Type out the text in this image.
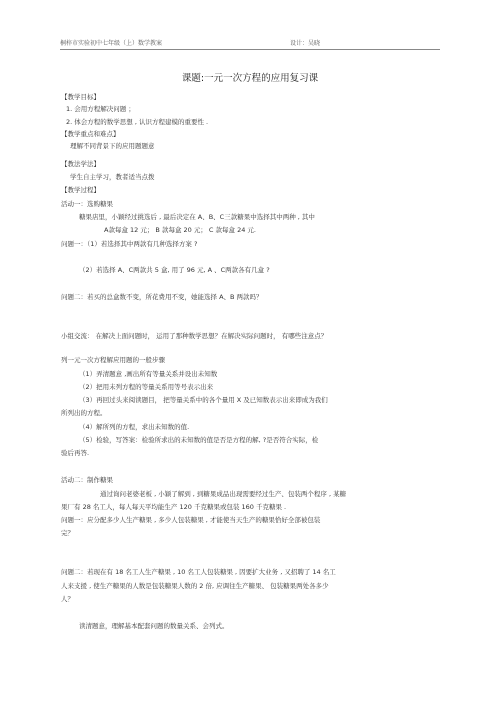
桐梓市实验初中七年级（上）数学教案	设计：吴晓
课题:一元一次方程的应用复习课
【教学目标】
1. 会用方程解决问题 ；
2. 体会方程的数学思想 , 认识方程建模的重要性 .
【教学重点和难点】
理解不同背景下的应用题题意
【教法学法】
学生自主学习，教者适当点拨
【教学过程】
活动一：选购糖果
糖果店里，小颖经过挑选后 , 最后决定在 A、B、C三款糖果中选择其中两种 , 其中
A款每盒 12 元； B 款每盒 20 元； C 款每盒 24 元.
问题一：（1）若选择其中两款有几种选择方案 ?
（2）若选择 A、C两款共 5 盒, 用了 96 元, A 、C两款各有几盒 ?
问题二：若买的总盒数不变，所花费用不变，她能选择 A、B 两款吗？
小组交流： 在解决上面问题时， 运用了那种数学思想？在解决实际问题时， 有哪些注意点？
列一元一次方程解应用题的一般步骤
（1）弄清题意 ,画出所有等量关系并设出未知数
（2）把用未列方程的等量关系用等号表示出来
（3）再回过头来阅读题目， 把等量关系中的各个量用 X 及已知数表示出来即成为我们
所列出的方程。
（4）解所列的方程，求出未知数的值.
（5）检验，写答案：检验所求出的未知数的值是否是方程的解, ?是否符合实际，检
验后再答.
活动二：制作糖果
通过询问老婆老板 , 小颖了解到 , 到糖果成品出现需要经过生产、包装两个程序 , 某糖
果厂有 28 名工人，每人每天平均能生产 120 千克糖果或包装 160 千克糖果 .
问题一：应分配多少人生产糖果 , 多少人包装糖果 , 才能使当天生产的糖果恰好全部被包装
完？
问题二：若现在有 18 名工人生产糖果 , 10 名工人包装糖果 , 因要扩大业务 , 又招聘了 14 名工
人来支援 , 使生产糖果的人数是包装糖果人数的 2 倍, 应调往生产糖果、 包装糖果两处各多少
人？
读清题意，理解基本配套问题的数量关系、会列式。
